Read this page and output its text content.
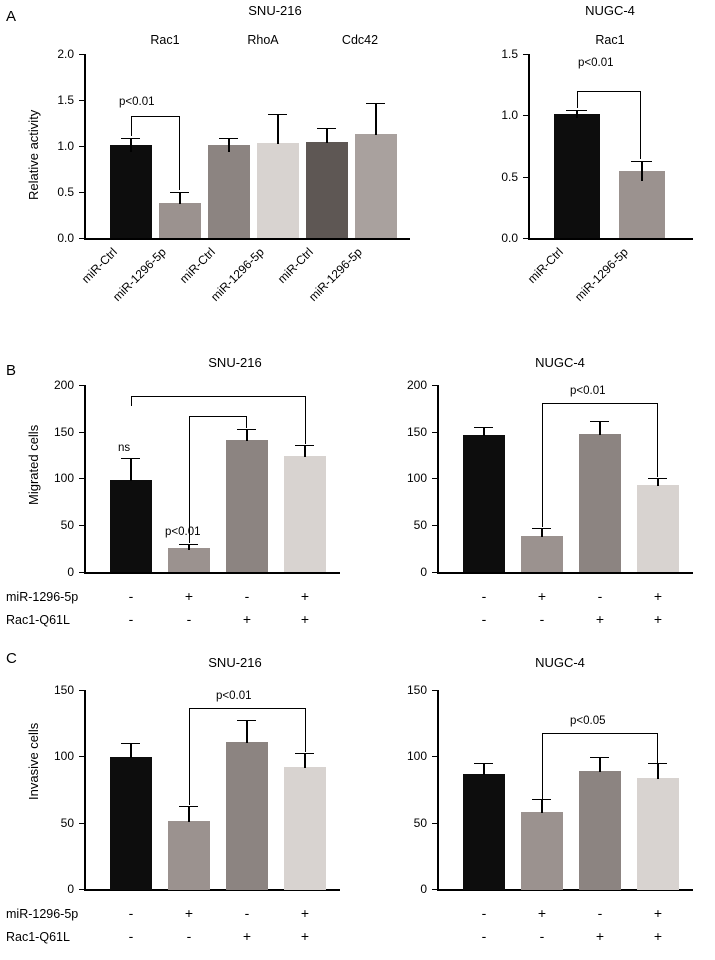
A	SNU-216
Rac1	RhoA	Cdc42
Relative activity
0.0
0.5
1.0
1.5
2.0
p<0.01
miR-Ctrl
miR-1296-5p miR-Ctrl
miR-1296-5p miR-Ctrl
miR-1296-5p
NUGC-4
Rac1
0.0
0.5
1.0
1.5
p<0.01
miR-Ctrl miR-1296-5p
B	SNU-216
Migrated cells
0
50
100
150
200
ns
p<0.01
NUGC-4
0
50
100
150
200	p<0.01
miR-1296-5p
Rac1-Q61L
-	+	-	+
-	-	+	+
-	+	-	+
-	-	+	+
C	SNU-216
Invasive cells
0
50
100
150	p<0.01
NUGC-4
0
50
100
150
p<0.05
miR-1296-5p
Rac1-Q61L
-	+	-	+
-	-	+	+
-	+	-	+
-	-	+	+
